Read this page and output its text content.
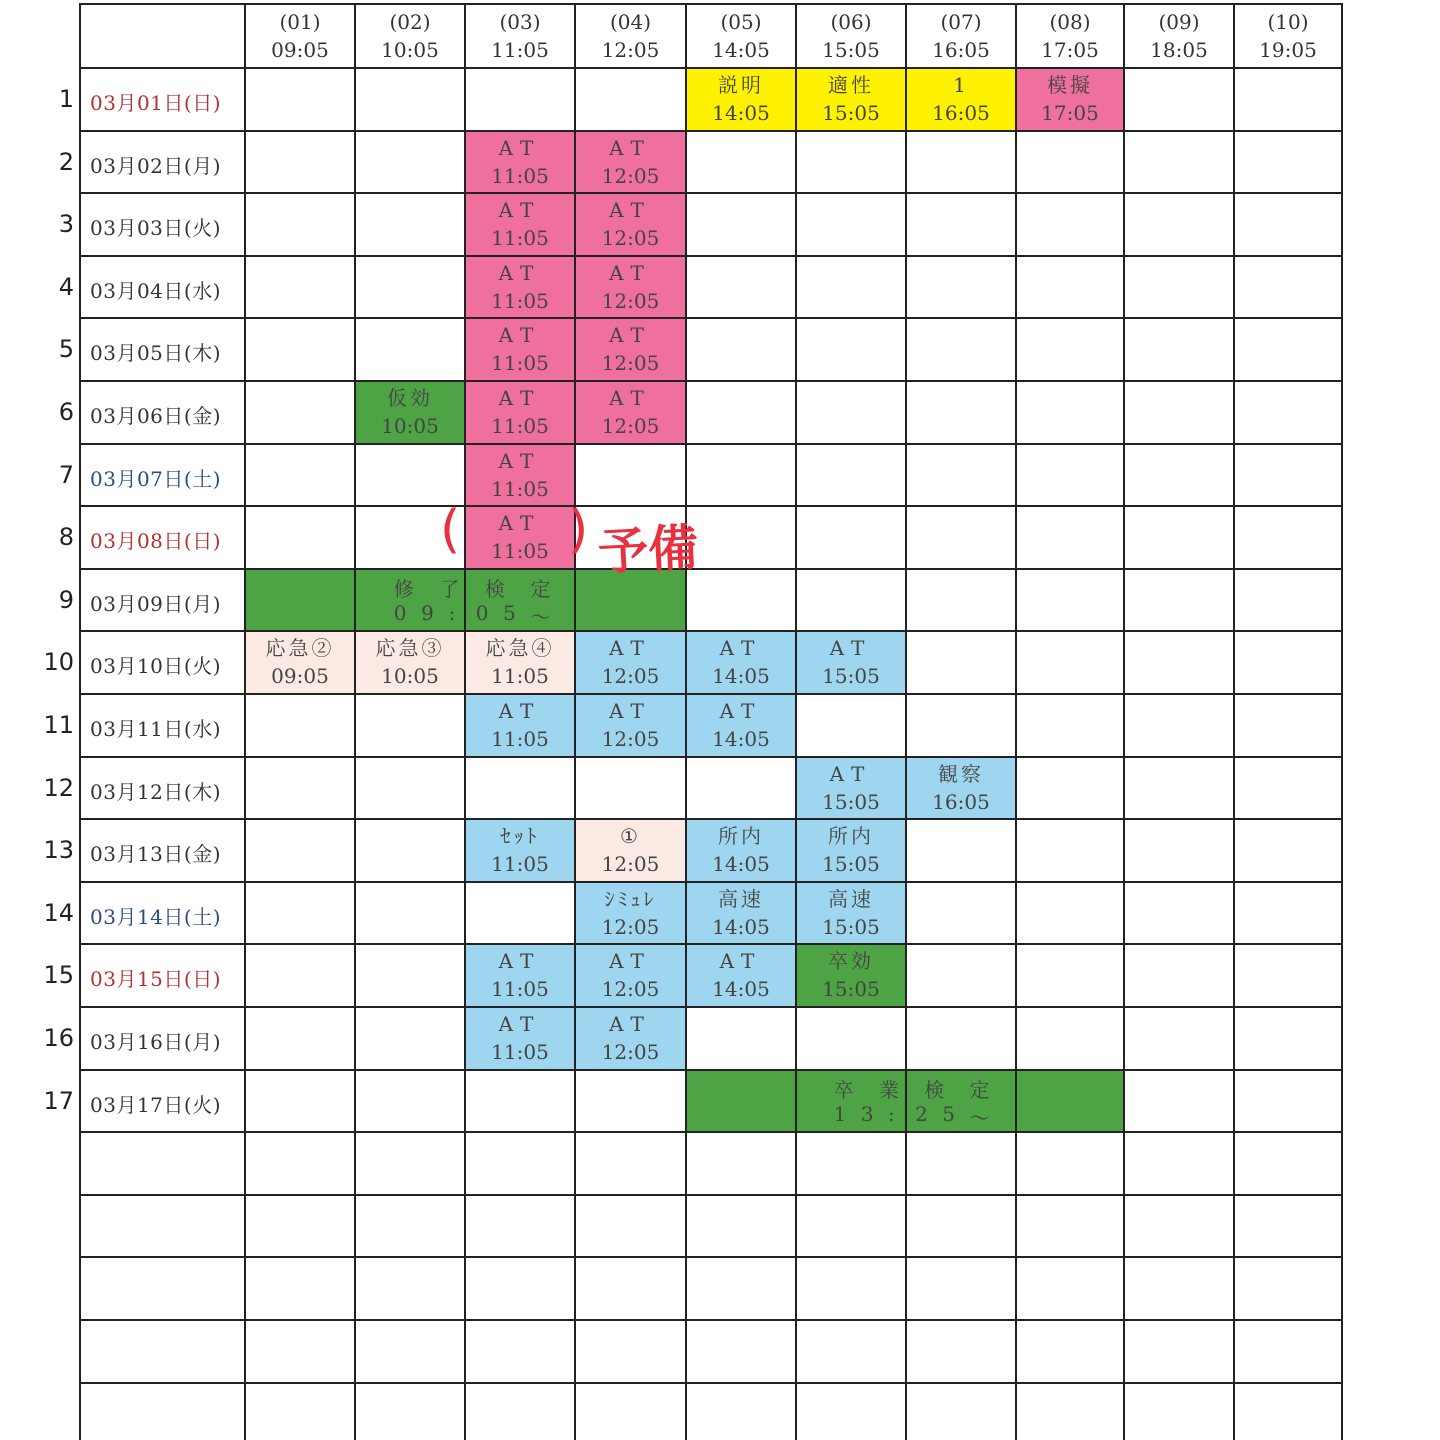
(01)
09:05
(02)
10:05
(03)
11:05
(04)
12:05
(05)
14:05
(06)
15:05
(07)
16:05
(08)
17:05
(09)
18:05
(10)
19:05
1 03月01日(日)
2 03月02日(月)
3 03月03日(火)
4 03月04日(水)
5 03月05日(木)
6 03月06日(金)
7 03月07日(土)
8 03月08日(日)
9 03月09日(月)
10 03月10日(火)
11 03月11日(水)
12 03月12日(木)
13 03月13日(金)
14 03月14日(土)
15 03月15日(日)
16 03月16日(月)
17 03月17日(火)
説明
14:05
適性
15:05
1
16:05
模擬
17:05
AT
11:05
AT
12:05
AT
11:05
AT
12:05
AT
11:05
AT
12:05
AT
11:05
AT
12:05
仮効
10:05
AT
11:05
AT
12:05
AT
11:05
AT
11:05
応急②
09:05
応急③
10:05
応急④
11:05
AT
12:05
AT
14:05
AT
15:05
AT
11:05
AT
12:05
AT
14:05
AT
15:05
観察
16:05
ｾｯﾄ
11:05
①
12:05
所内
14:05
所内
15:05
ｼﾐｭﾚ
12:05
高速
14:05
高速
15:05
AT
11:05
AT
12:05
AT
14:05
卒効
15:05
AT
11:05
AT
12:05
修 了 検 定
0 9 : 0 5 ～
卒 業 検 定
1 3 : 2 5 ～
( ) 予備
